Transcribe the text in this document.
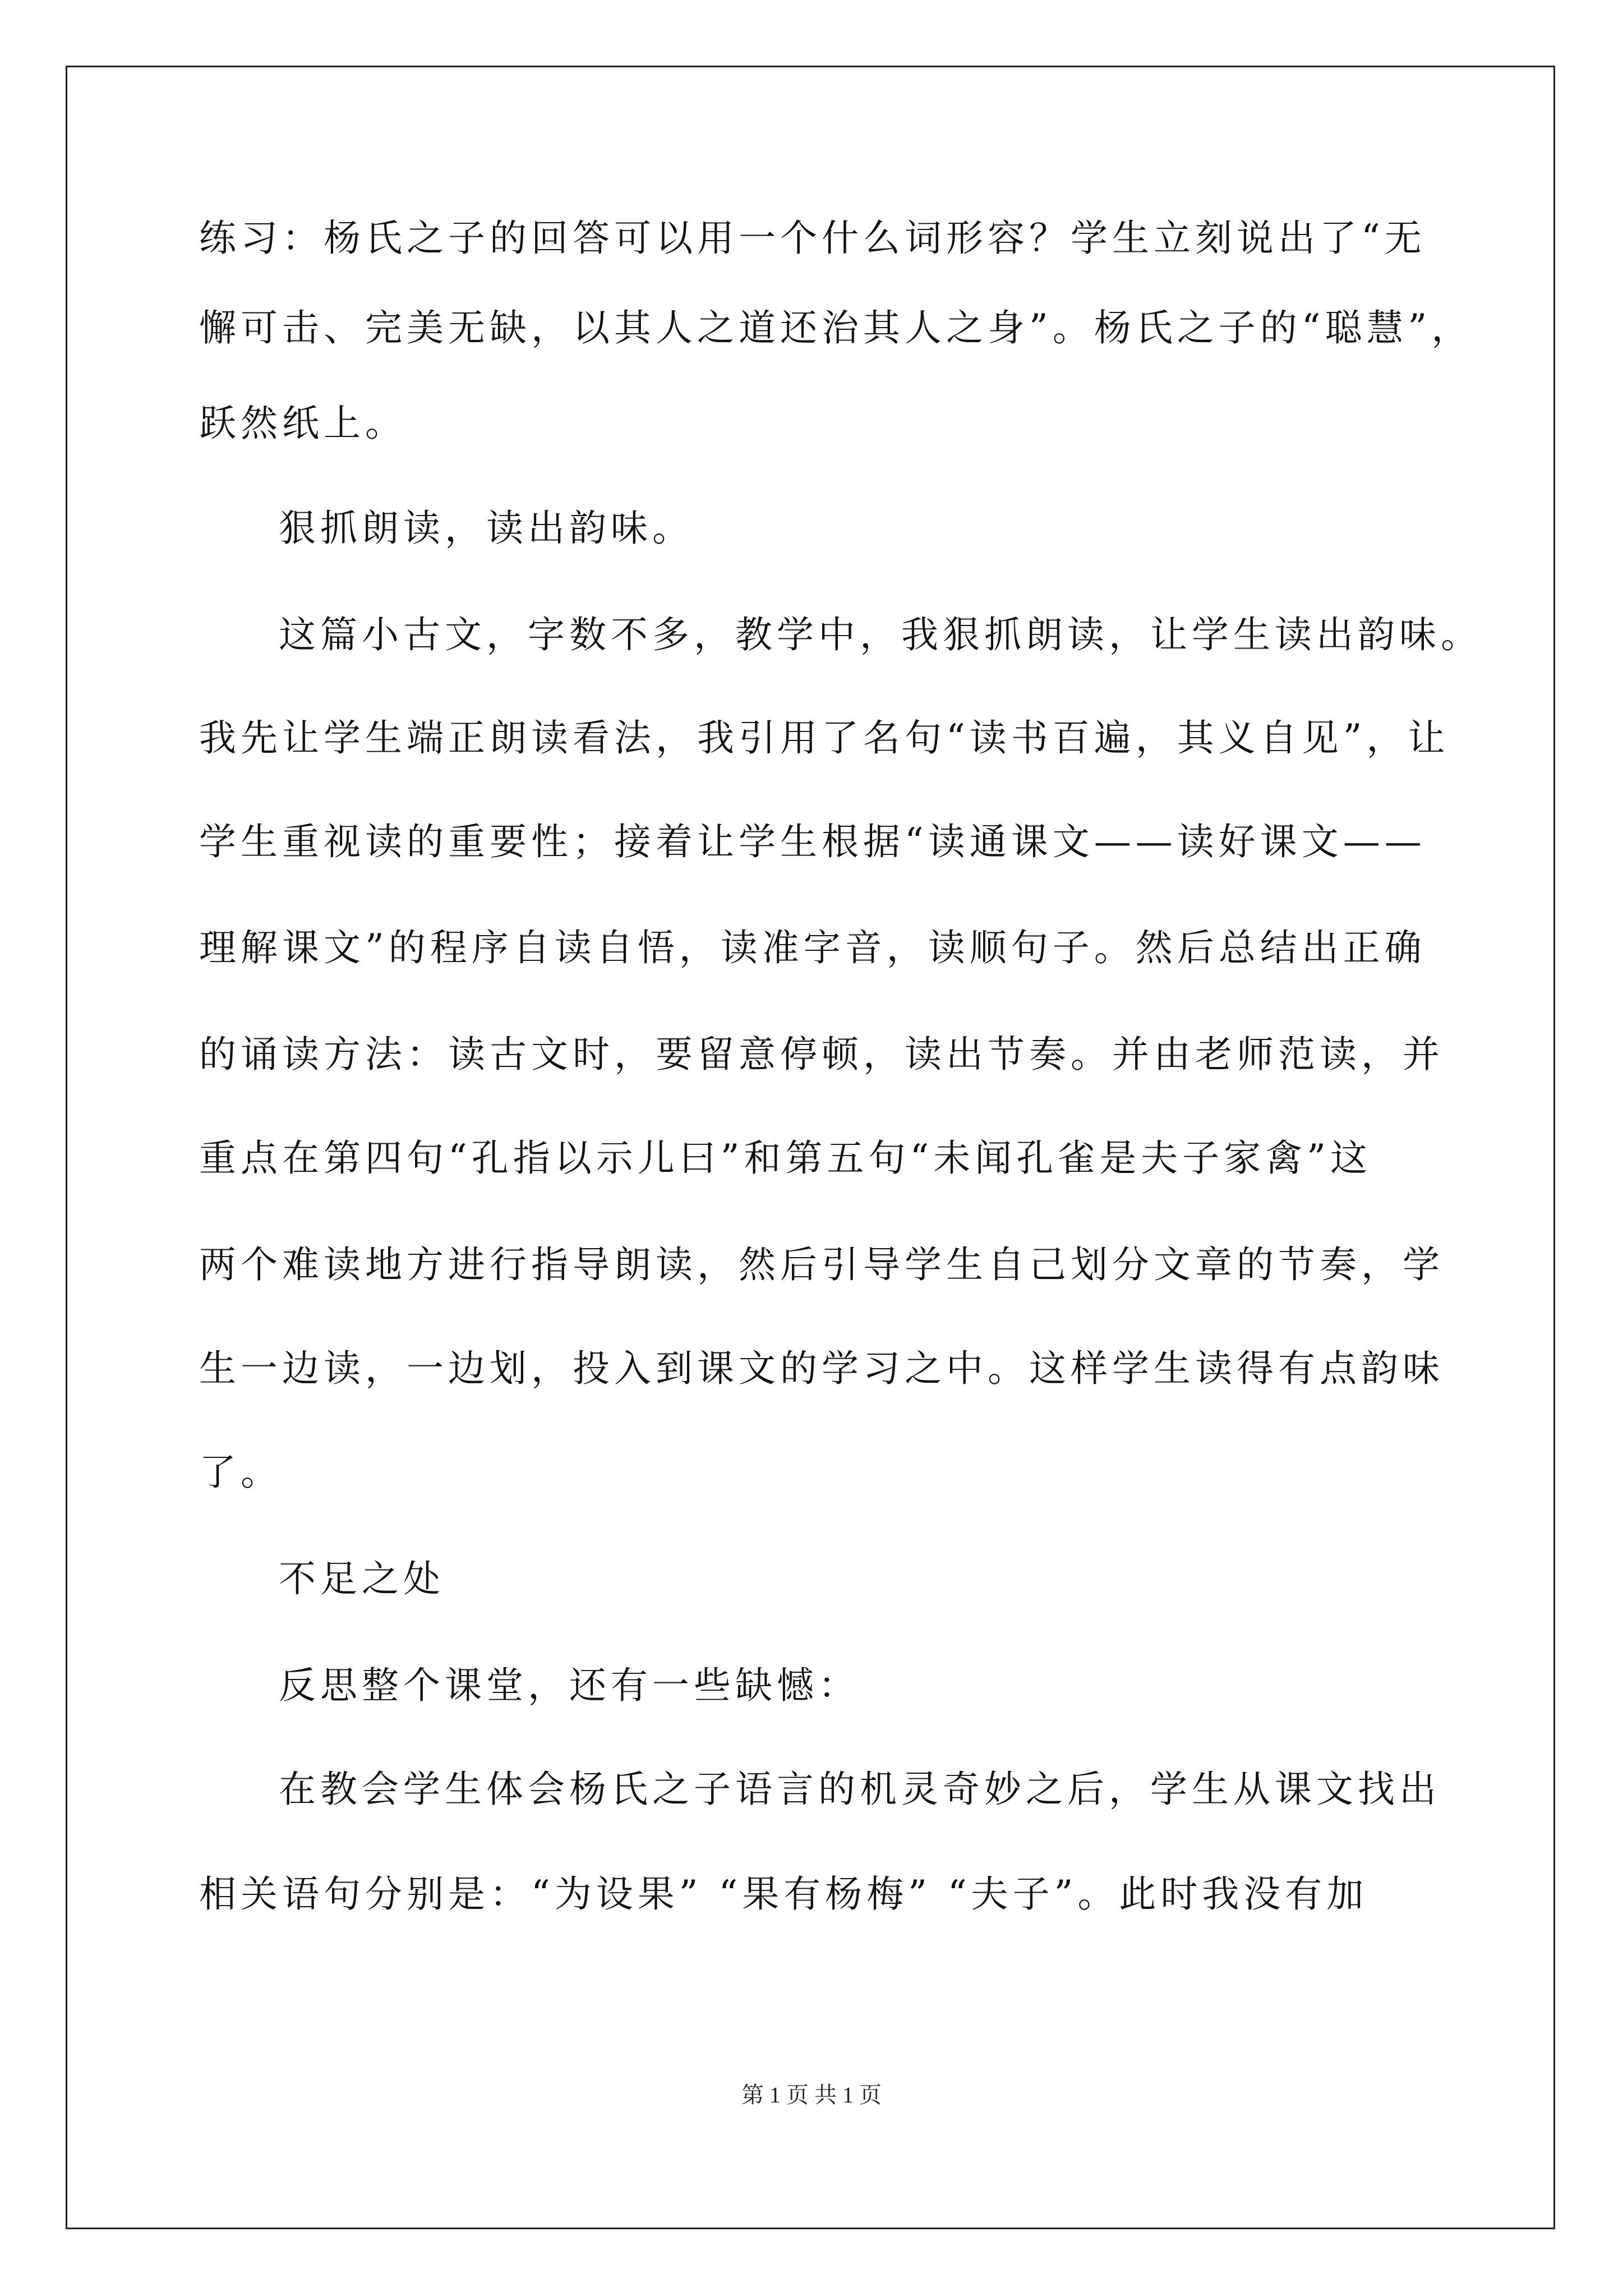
练习：杨氏之子的回答可以用一个什么词形容？学生立刻说出了“无
懈可击、完美无缺，以其人之道还治其人之身”。杨氏之子的“聪慧”，
跃然纸上。
狠抓朗读，读出韵味。
这篇小古文，字数不多，教学中，我狠抓朗读，让学生读出韵味。
我先让学生端正朗读看法，我引用了名句“读书百遍，其义自见”，让
学生重视读的重要性；接着让学生根据“读通课文——读好课文——
理解课文”的程序自读自悟，读准字音，读顺句子。然后总结出正确
的诵读方法：读古文时，要留意停顿，读出节奏。并由老师范读，并
重点在第四句“孔指以示儿曰”和第五句“未闻孔雀是夫子家禽”这
两个难读地方进行指导朗读，然后引导学生自己划分文章的节奏，学
生一边读，一边划，投入到课文的学习之中。这样学生读得有点韵味
了。
不足之处
反思整个课堂，还有一些缺憾：
在教会学生体会杨氏之子语言的机灵奇妙之后，学生从课文找出
相关语句分别是：“为设果” “果有杨梅” “夫子”。此时我没有加
第 1 页 共 1 页
